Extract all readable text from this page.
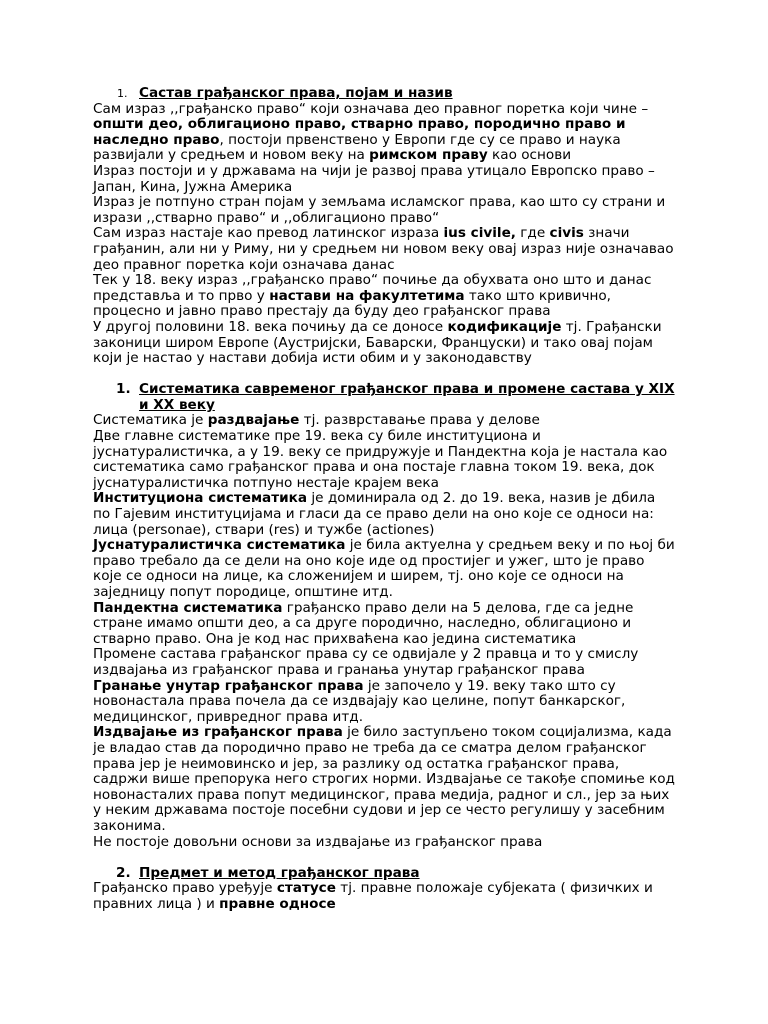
1. Састав грађанског права, појам и назив

Сам израз ,,грађанско право“ који означава део правног поретка који чине – општи део, облигационо право, стварно право, породично право и наследно право, постоји првенствено у Европи где су се право и наука развијали у средњем и новом веку на римском праву као основи

Израз постоји и у државама на чији је развој права утицало Европско право – Јапан, Кина, Јужна Америка

Израз је потпуно стран појам у земљама исламског права, као што су страни и изрази ,,стварно право“ и ,,облигационо право“

Сам израз настаје као превод латинског израза ius civile, где civis значи грађанин, али ни у Риму, ни у средњем ни новом веку овај израз није означавао део правног поретка који означава данас

Тек у 18. веку израз ,,грађанско право“ почиње да обухвата оно што и данас представља и то прво у настави на факултетима тако што кривично, процесно и јавно право престају да буду део грађанског права

У другој половини 18. века почињу да се доносе кодификације тј. Грађански законици широм Европе (Аустријски, Баварски, Француски) и тако овај појам који је настао у настави добија исти обим и у законодавству

1. Систематика савременог грађанског права и промене састава у XIX и XX веку

Систематика је раздвајање тј. разврставање права у делове

Две главне систематике пре 19. века су биле институциона и јуснатуралистичка, а у 19. веку се придружује и Пандектна која је настала као систематика само грађанског права и она постаје главна током 19. века, док јуснатуралистичка потпуно нестаје крајем века

Институциона систематика је доминирала од 2. до 19. века, назив је дбила по Гајевим институцијама и гласи да се право дели на оно које се односи на: лица (personae), ствари (res) и тужбе (actiones)

Јуснатуралистичка систематика је била актуелна у средњем веку и по њој би право требало да се дели на оно које иде од простијег и ужег, што је право које се односи на лице, ка сложенијем и ширем, тј. оно које се односи на заједницу попут породице, општине итд.

Пандектна систематика грађанско право дели на 5 делова, где са једне стране имамо општи део, а са друге породично, наследно, облигационо и стварно право. Она је код нас прихваћена као једина систематика

Промене састава грађанског права су се одвијале у 2 правца и то у смислу издвајања из грађанског права и гранања унутар грађанског права

Гранање унутар грађанског права је започело у 19. веку тако што су новонастала права почела да се издвајају као целине, попут банкарског, медицинског, привредног права итд.

Издвајање из грађанског права је било заступљено током социјализма, када је владао став да породично право не треба да се сматра делом грађанског права јер је неимовинско и јер, за разлику од остатка грађанског права, садржи више препорука него строгих норми. Издвајање се такође спомиње код новонасталих права попут медицинског, права медија, радног и сл., јер за њих у неким државама постоје посебни судови и јер се често регулишу у засебним законима.

Не постоје довољни основи за издвајање из грађанског права

2. Предмет и метод грађанског права

Грађанско право уређује статусе тј. правне положаје субјеката ( физичких и правних лица ) и правне односе
